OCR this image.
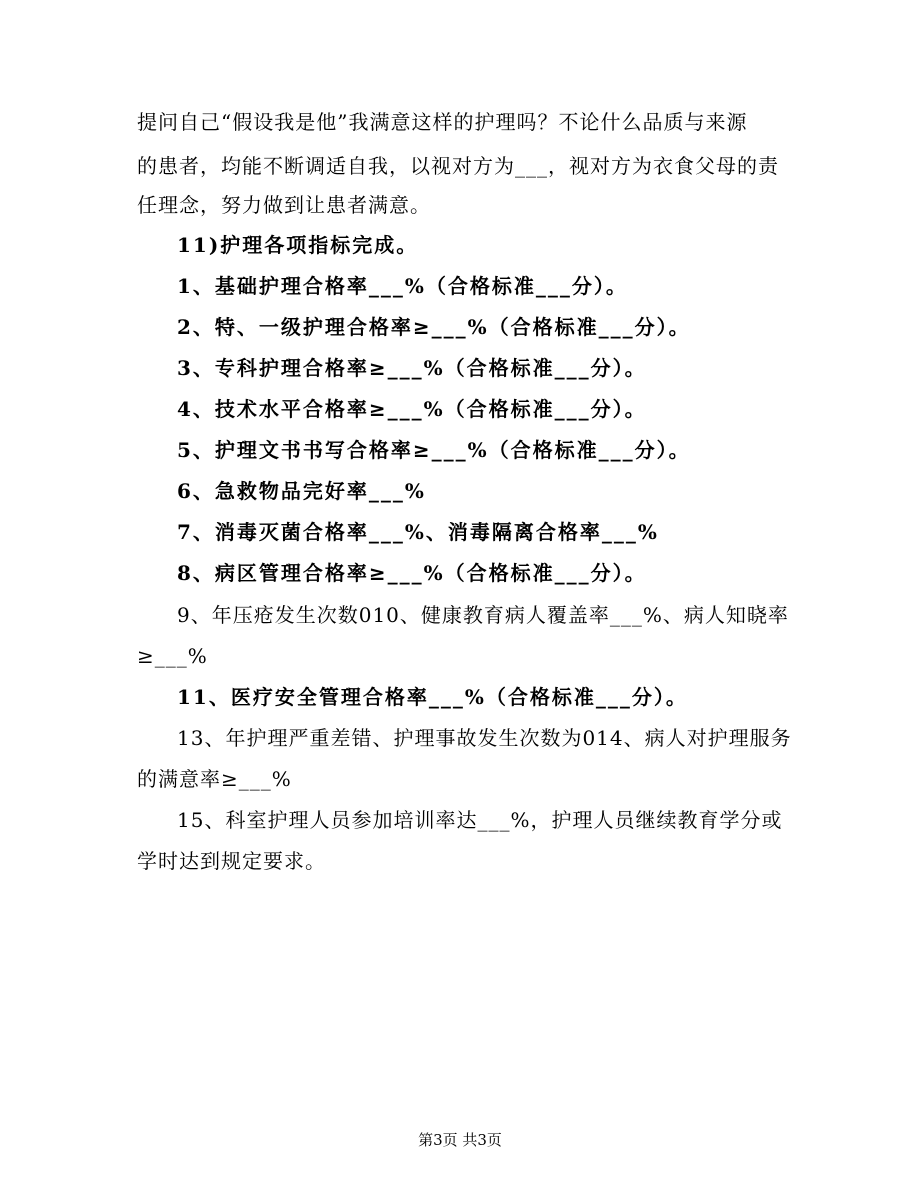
提问自己“假设我是他”我满意这样的护理吗？不论什么品质与来源
的患者，均能不断调适自我，以视对方为___，视对方为衣食父母的责
任理念，努力做到让患者满意。
11)护理各项指标完成。
1、基础护理合格率___%（合格标准___分）。
2、特、一级护理合格率≥___%（合格标准___分）。
3、专科护理合格率≥___%（合格标准___分）。
4、技术水平合格率≥___%（合格标准___分）。
5、护理文书书写合格率≥___%（合格标准___分）。
6、急救物品完好率___%
7、消毒灭菌合格率___%、消毒隔离合格率___%
8、病区管理合格率≥___%（合格标准___分）。
9、年压疮发生次数010、健康教育病人覆盖率___%、病人知晓率
≥___%
11、医疗安全管理合格率___%（合格标准___分）。
13、年护理严重差错、护理事故发生次数为014、病人对护理服务
的满意率≥___%
15、科室护理人员参加培训率达___%，护理人员继续教育学分或
学时达到规定要求。
第3页 共3页
